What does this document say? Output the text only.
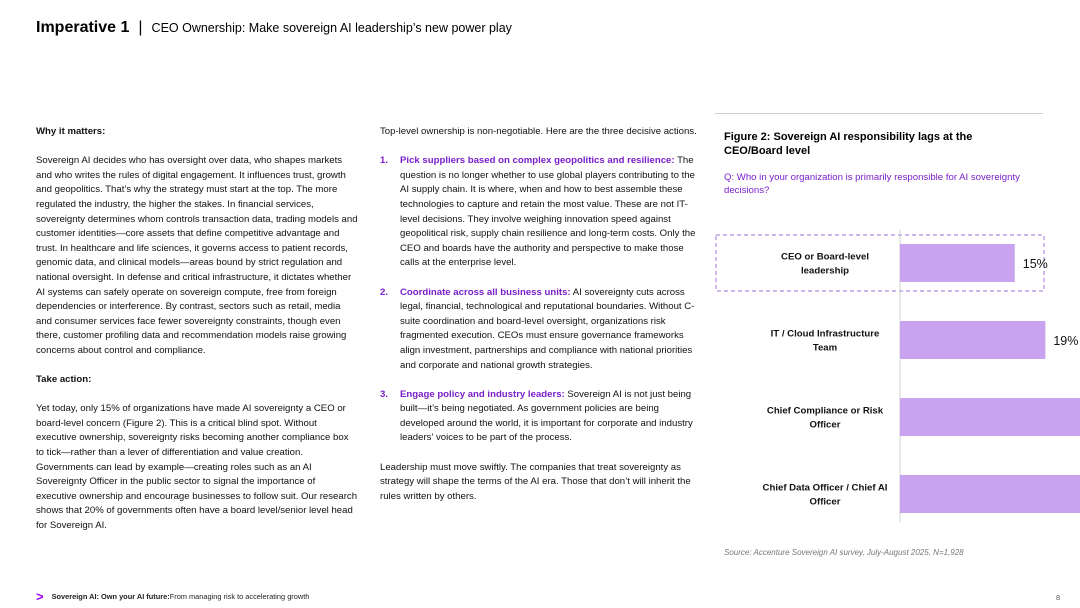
Imperative 1 | CEO Ownership: Make sovereign AI leadership’s new power play

Why it matters:

Sovereign AI decides who has oversight over data, who shapes markets and who writes the rules of digital engagement. It influences trust, growth and geopolitics. That’s why the strategy must start at the top. The more regulated the industry, the higher the stakes. In financial services, sovereignty determines whom controls transaction data, trading models and customer identities—core assets that define competitive advantage and trust. In healthcare and life sciences, it governs access to patient records, genomic data, and clinical models—areas bound by strict regulation and national oversight. In defense and critical infrastructure, it dictates whether AI systems can safely operate on sovereign compute, free from foreign dependencies or interference. By contrast, sectors such as retail, media and consumer services face fewer sovereignty constraints, though even there, customer profiling data and recommendation models raise growing concerns about control and compliance.

Take action:

Yet today, only 15% of organizations have made AI sovereignty a CEO or board-level concern (Figure 2). This is a critical blind spot. Without executive ownership, sovereignty risks becoming another compliance box to tick—rather than a lever of differentiation and value creation. Governments can lead by example—creating roles such as an AI Sovereignty Officer in the public sector to signal the importance of executive ownership and encourage businesses to follow suit. Our research shows that 20% of governments often have a board level/senior level head for Sovereign AI.

Top-level ownership is non-negotiable. Here are the three decisive actions.

1.	Pick suppliers based on complex geopolitics and resilience: The question is no longer whether to use global players contributing to the AI supply chain. It is where, when and how to best assemble these technologies to capture and retain the most value. These are not IT-level decisions. They involve weighing innovation speed against geopolitical risk, supply chain resilience and long-term costs. Only the CEO and boards have the authority and perspective to make those calls at the enterprise level.
2.	Coordinate across all business units: AI sovereignty cuts across legal, financial, technological and reputational boundaries. Without C-suite coordination and board-level oversight, organizations risk fragmented execution. CEOs must ensure governance frameworks align investment, partnerships and compliance with national priorities and corporate and national growth strategies.
3.	Engage policy and industry leaders: Sovereign AI is not just being built—it’s being negotiated. As government policies are being developed around the world, it is important for corporate and industry leaders' voices to be part of the process.

Leadership must move swiftly. The companies that treat sovereignty as strategy will shape the terms of the AI era. Those that don’t will inherit the rules written by others.

Figure 2: Sovereign AI responsibility lags at the CEO/Board level
Q: Who in your organization is primarily responsible for AI sovereignty decisions?
15%
CEO or Board-level
leadership
19%
IT / Cloud Infrastructure
Team
Chief Compliance or Risk
Officer
Chief Data Officer / Chief AI
Officer
Source: Accenture Sovereign AI survey, July-August 2025, N=1,928
> Sovereign AI: Own your AI future: From managing risk to accelerating growth	8
